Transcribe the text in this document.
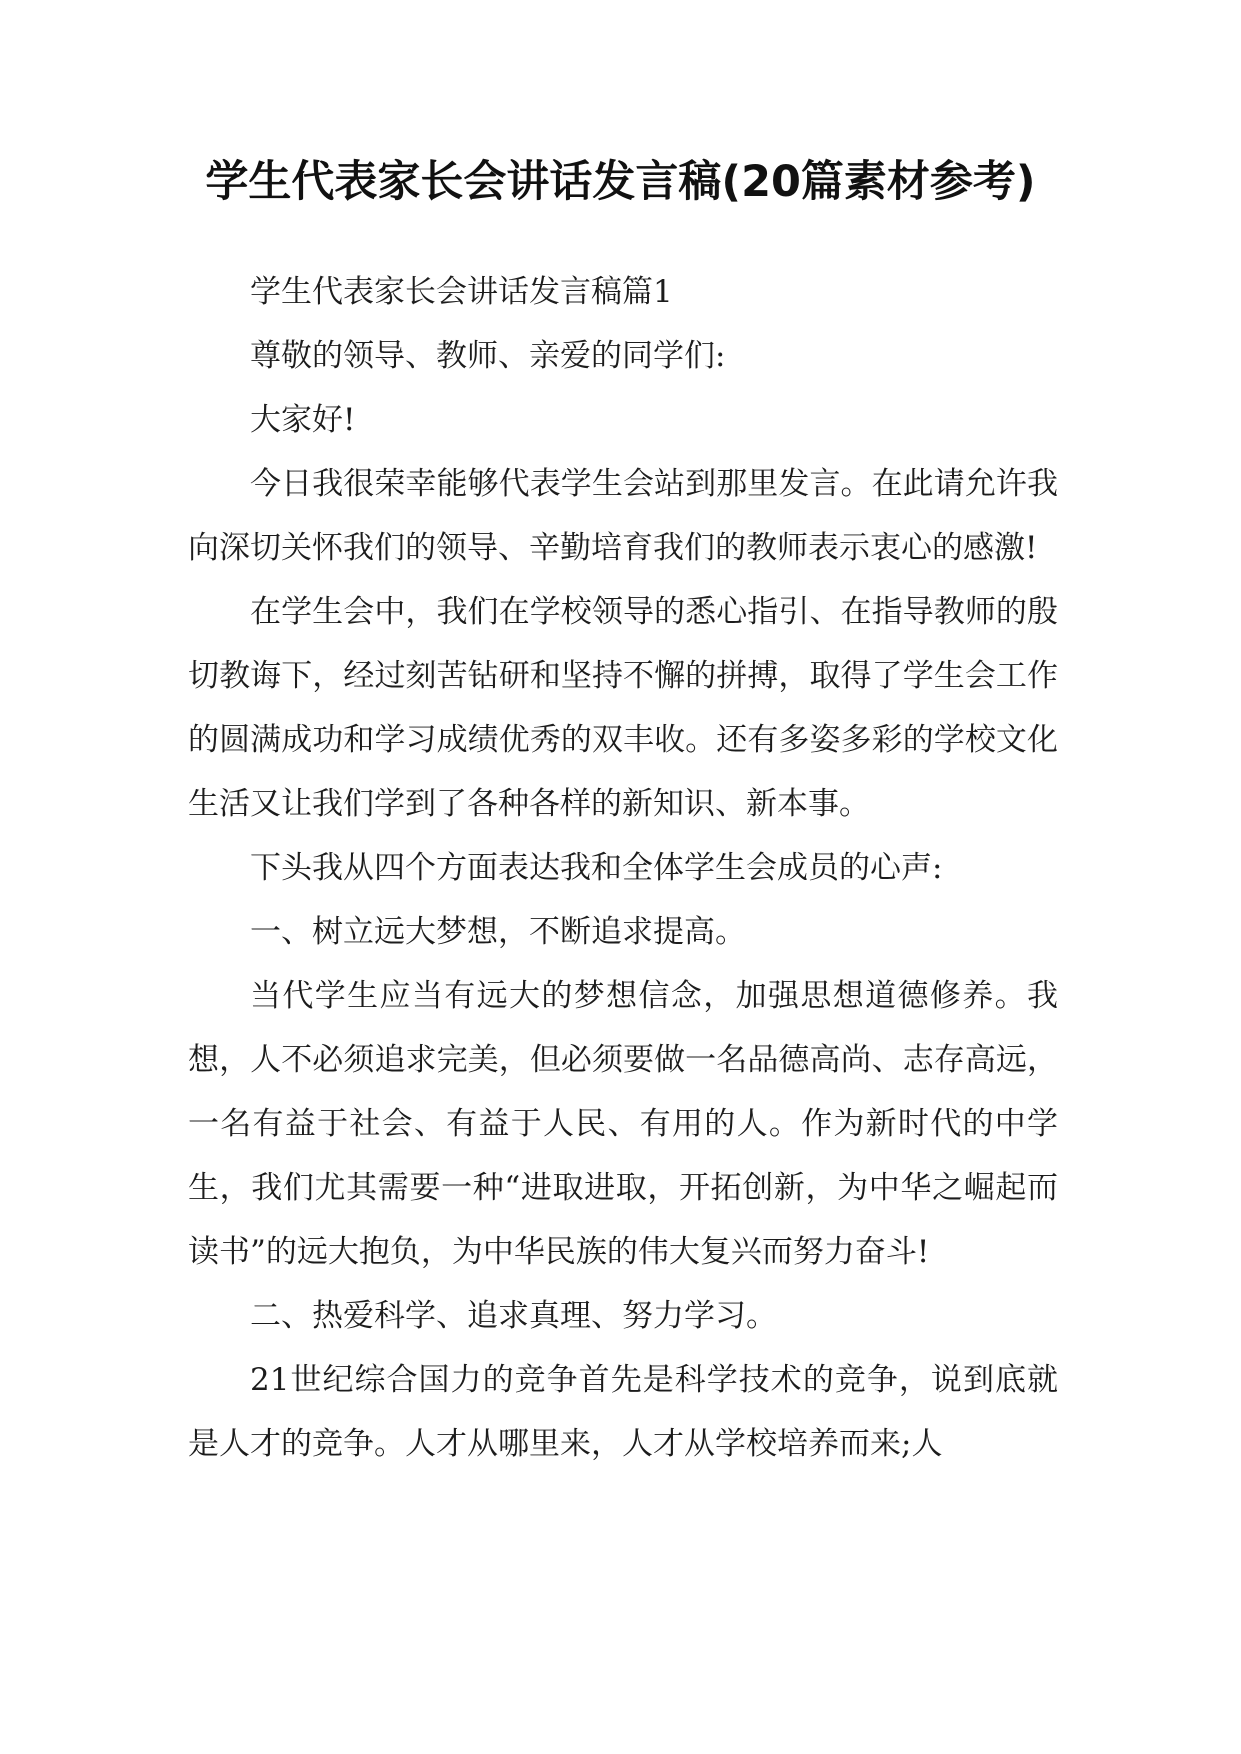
学生代表家长会讲话发言稿(20篇素材参考)

学生代表家长会讲话发言稿篇1

尊敬的领导、教师、亲爱的同学们:

大家好!

今日我很荣幸能够代表学生会站到那里发言。在此请允许我向深切关怀我们的领导、辛勤培育我们的教师表示衷心的感激!

在学生会中，我们在学校领导的悉心指引、在指导教师的殷切教诲下，经过刻苦钻研和坚持不懈的拼搏，取得了学生会工作的圆满成功和学习成绩优秀的双丰收。还有多姿多彩的学校文化生活又让我们学到了各种各样的新知识、新本事。

下头我从四个方面表达我和全体学生会成员的心声:

一、树立远大梦想，不断追求提高。

当代学生应当有远大的梦想信念，加强思想道德修养。我想，人不必须追求完美，但必须要做一名品德高尚、志存高远，一名有益于社会、有益于人民、有用的人。作为新时代的中学生，我们尤其需要一种“进取进取，开拓创新，为中华之崛起而读书”的远大抱负，为中华民族的伟大复兴而努力奋斗!

二、热爱科学、追求真理、努力学习。

21世纪综合国力的竞争首先是科学技术的竞争，说到底就是人才的竞争。人才从哪里来，人才从学校培养而来;人
